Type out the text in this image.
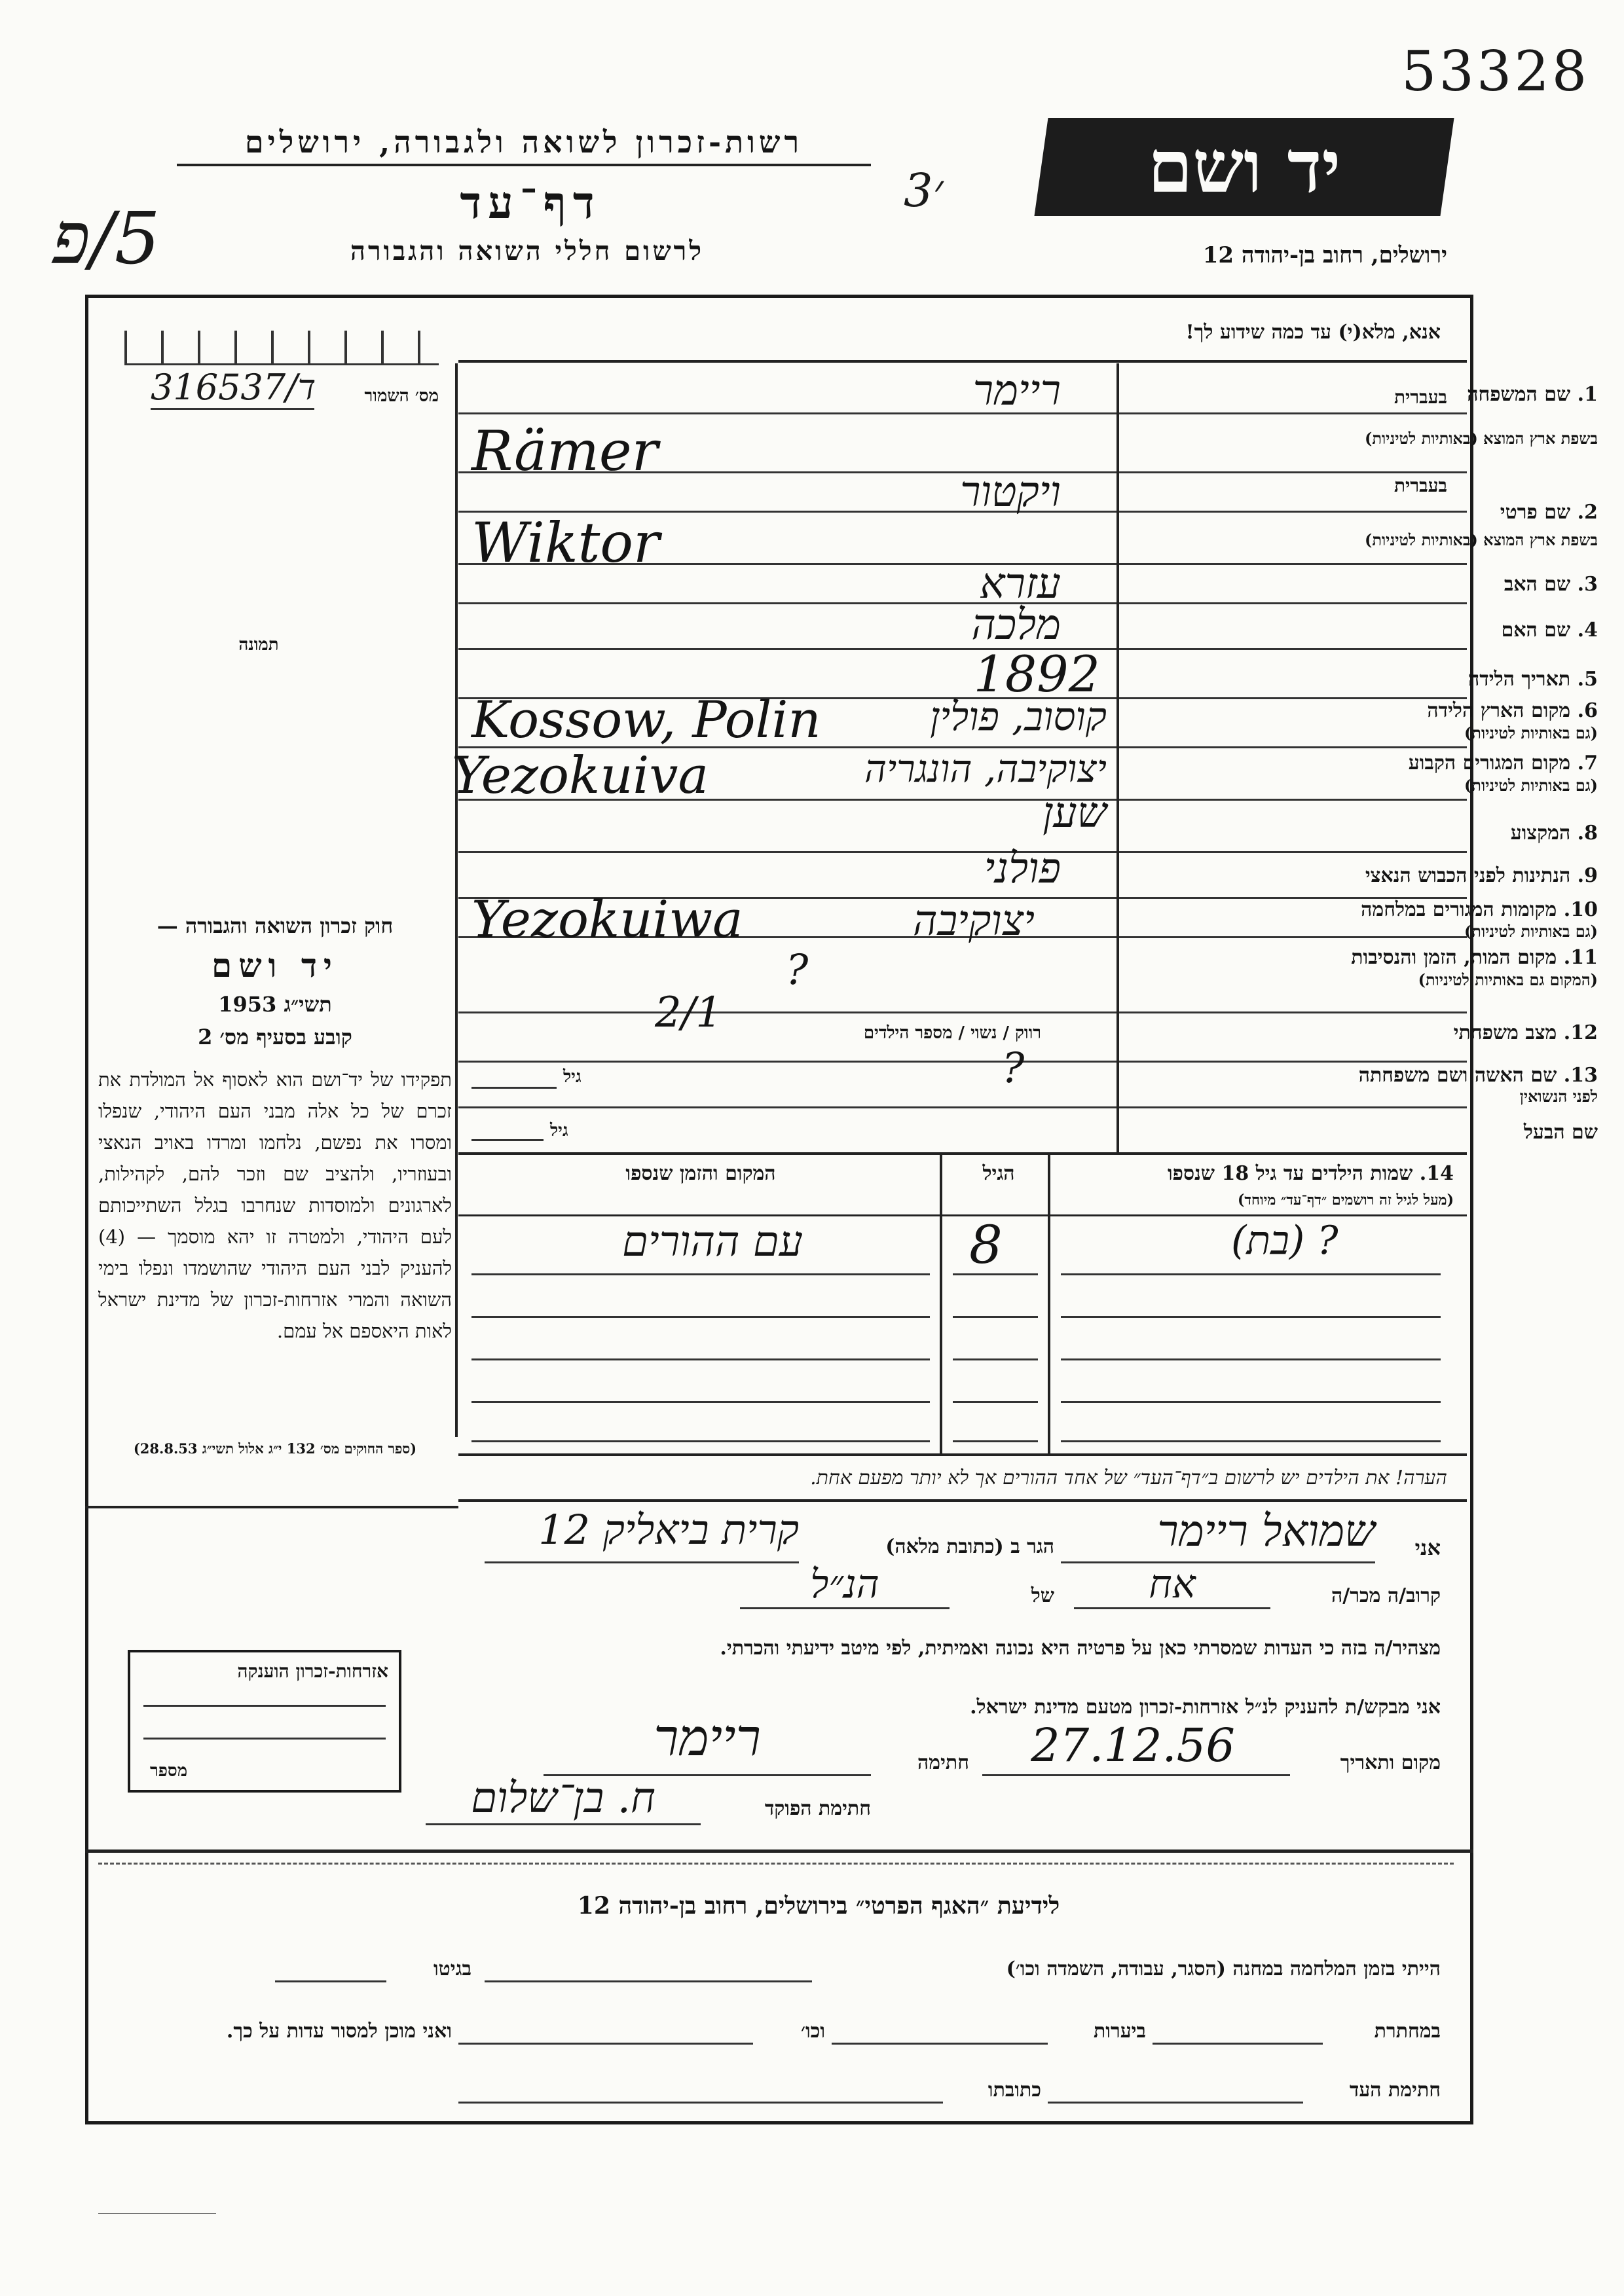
53328
3׳
5/פ
רשות-זכרון לשואה ולגבורה, ירושלים	יד ושם
דף־עד
לרשום חללי השואה והגבורה	ירושלים, רחוב בן-יהודה 12
אנא, מלא(י) עד כמה שידוע לך!
מס׳ השמור
316537/ד
תמונה
חוק זכרון השואה והגבורה —
יד ושם
תשי״ג 1953
קובע בסעיף מס׳ 2
תפקידו של יד־ושם הוא לאסוף אל המולדת את זכרם של כל אלה מבני העם היהודי, שנפלו ומסרו את נפשם, נלחמו ומרדו באויב הנאצי ובעוזריו, ולהציב שם וזכר להם, לקהילות, לארגונים ולמוסדות שנחרבו בגלל השתייכותם לעם היהודי, ולמטרה זו יהא מוסמך — (4) להעניק לבני העם היהודי שהושמדו ונפלו בימי השואה והמרי אזרחות-זכרון של מדינת ישראל לאות היאספם אל עמם.
(ספר החוקים מס׳ 132 י״ג אלול תשי״ג 28.8.53)
1. שם המשפחה
בעברית
בשפת ארץ המוצא (באותיות לטיניות)
2. שם פרטי
בעברית
בשפת ארץ המוצא (באותיות לטיניות)
3. שם האב
4. שם האם
5. תאריך הלידה
6. מקום הארץ הלידה
(גם באותיות לטיניות)
7. מקום המגורים הקבוע
(גם באותיות לטיניות)
8. המקצוע
9. הנתינות לפני הכבוש הנאצי
10. מקומות המגורים במלחמה
(גם באותיות לטיניות)
11. מקום המות, הזמן והנסיבות
(המקום גם באותיות לטיניות)
12. מצב משפחתי
13. שם האשה ושם משפחתה
לפני הנשואין
שם הבעל
ריימר
Rämer
ויקטור
Wiktor
עזרא
מלכה
1892
קוסוב, פולין
Kossow, Polin
יצוקיבה, הונגריה
Yezokuiva
שען
פולני
יצוקיבה
Yezokuiwa
?
רווק / נשוי / מספר הילדים
2/1
?
גיל
גיל
14. שמות הילדים עד גיל 18 שנספו
(מעל לגיל זה רושמים ״דף־עד״ מיוחד)
הגיל
המקום והזמן שנספו
? (בת)
8
עם ההורים
הערה! את הילדים יש לרשום ב״דף־העד״ של אחד ההורים אך לא יותר מפעם אחת.
אני
שמואל ריימר
הגר ב (כתובת מלאה)
קרית ביאליק 12
קרוב/ה מכר/ה
אח
של
הנ״ל
מצהיר/ה בזה כי העדות שמסרתי כאן על פרטיה היא נכונה ואמיתית, לפי מיטב ידיעתי והכרתי.
אזרחות-זכרון הוענקה
מספר
אני מבקש/ת להעניק לנ״ל אזרחות-זכרון מטעם מדינת ישראל.
מקום ותאריך
27.12.56
חתימה
ריימר
חתימת הפוקד
ח. בן־שלום
לידיעת ״האגף הפרטי״ בירושלים, רחוב בן-יהודה 12
הייתי בזמן המלחמה במחנה (הסגר, עבודה, השמדה וכו׳)
בגיטו
במחתרת
ביערות
וכו׳
ואני מוכן למסור עדות על כך.
חתימת העד
כתובתו
